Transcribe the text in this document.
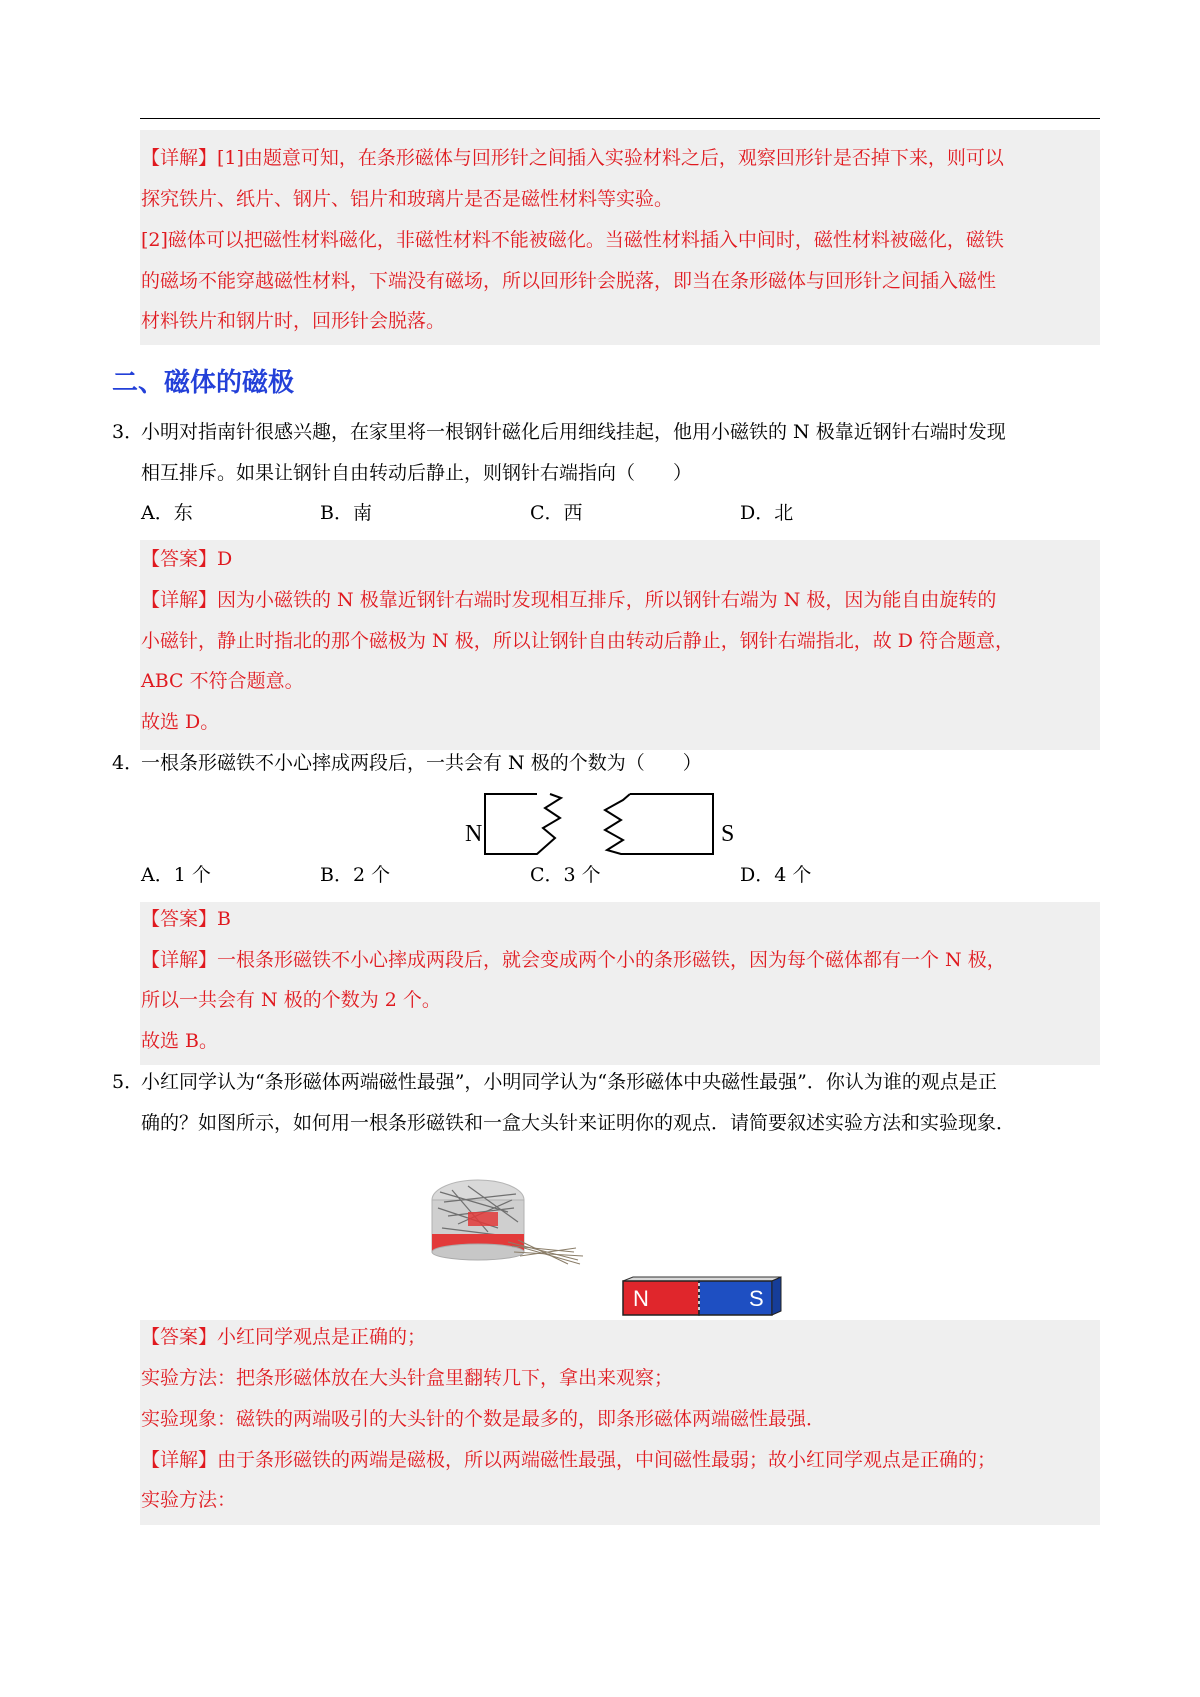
【详解】[1]由题意可知，在条形磁体与回形针之间插入实验材料之后，观察回形针是否掉下来，则可以
探究铁片、纸片、钢片、铝片和玻璃片是否是磁性材料等实验。
[2]磁体可以把磁性材料磁化，非磁性材料不能被磁化。当磁性材料插入中间时，磁性材料被磁化，磁铁
的磁场不能穿越磁性材料，下端没有磁场，所以回形针会脱落，即当在条形磁体与回形针之间插入磁性
材料铁片和钢片时，回形针会脱落。
二、磁体的磁极
3．
小明对指南针很感兴趣，在家里将一根钢针磁化后用细线挂起，他用小磁铁的 N 极靠近钢针右端时发现
相互排斥。如果让钢针自由转动后静止，则钢针右端指向（　　）
A．东	B．南	C．西	D．北
【答案】D
【详解】因为小磁铁的 N 极靠近钢针右端时发现相互排斥，所以钢针右端为 N 极，因为能自由旋转的
小磁针，静止时指北的那个磁极为 N 极，所以让钢针自由转动后静止，钢针右端指北，故 D 符合题意，
ABC 不符合题意。
故选 D。
4．
一根条形磁铁不小心摔成两段后，一共会有 N 极的个数为（　　）
N	S
A．1 个	B．2 个	C．3 个	D．4 个
【答案】B
【详解】一根条形磁铁不小心摔成两段后，就会变成两个小的条形磁铁，因为每个磁体都有一个 N 极，
所以一共会有 N 极的个数为 2 个。
故选 B。
5．
小红同学认为“条形磁体两端磁性最强”，小明同学认为“条形磁体中央磁性最强”．你认为谁的观点是正
确的？如图所示，如何用一根条形磁铁和一盒大头针来证明你的观点．请简要叙述实验方法和实验现象．
N	S
【答案】小红同学观点是正确的；
实验方法：把条形磁体放在大头针盒里翻转几下，拿出来观察；
实验现象：磁铁的两端吸引的大头针的个数是最多的，即条形磁体两端磁性最强．
【详解】由于条形磁铁的两端是磁极，所以两端磁性最强，中间磁性最弱；故小红同学观点是正确的；
实验方法：
